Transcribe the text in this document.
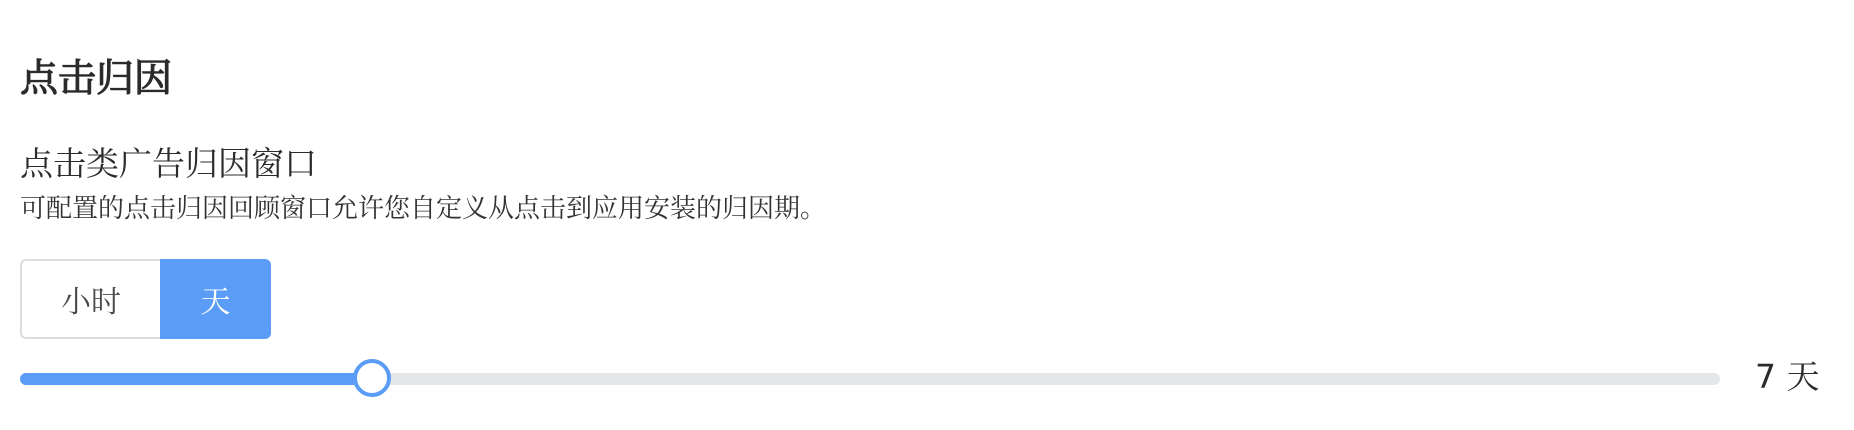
点击归因
点击类广告归因窗口
可配置的点击归因回顾窗口允许您自定义从点击到应用安装的归因期。
小时	天
7 天
